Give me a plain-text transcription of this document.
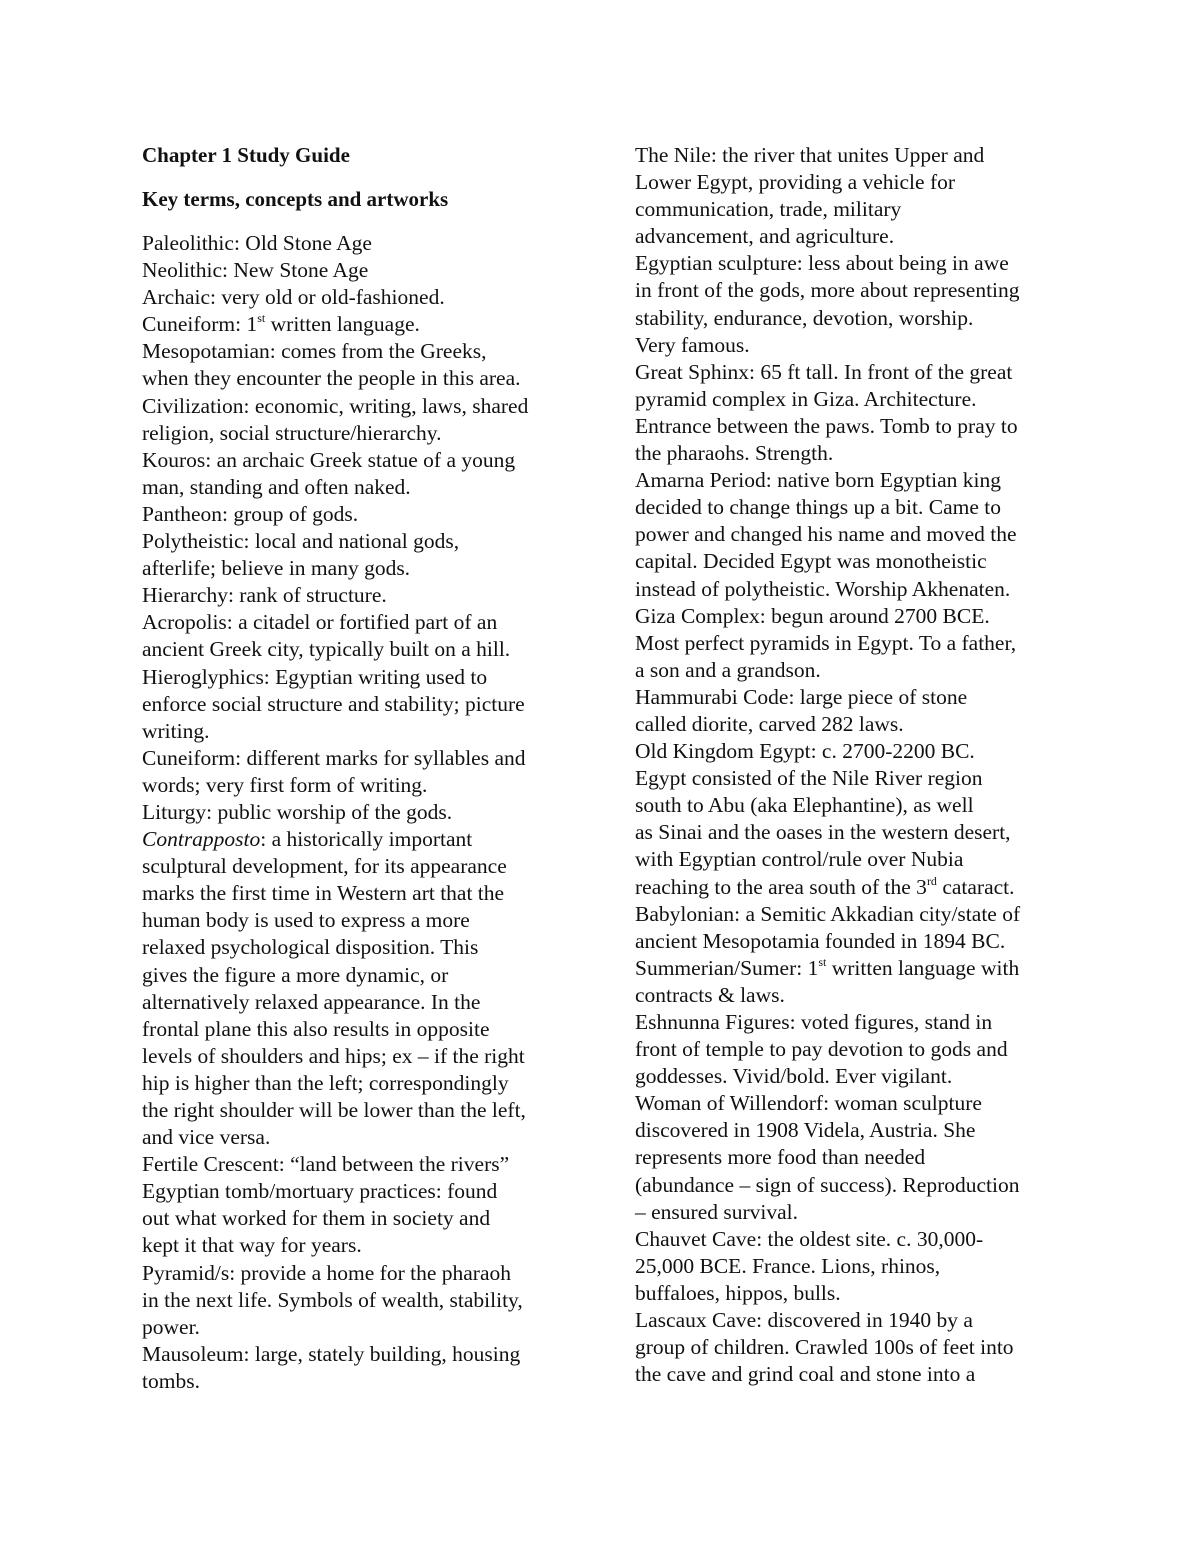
Chapter 1 Study Guide

Key terms, concepts and artworks

Paleolithic: Old Stone Age
Neolithic: New Stone Age
Archaic: very old or old-fashioned.
Cuneiform: 1st written language.
Mesopotamian: comes from the Greeks,
when they encounter the people in this area.
Civilization: economic, writing, laws, shared
religion, social structure/hierarchy.
Kouros: an archaic Greek statue of a young
man, standing and often naked.
Pantheon: group of gods.
Polytheistic: local and national gods,
afterlife; believe in many gods.
Hierarchy: rank of structure.
Acropolis: a citadel or fortified part of an
ancient Greek city, typically built on a hill.
Hieroglyphics: Egyptian writing used to
enforce social structure and stability; picture
writing.
Cuneiform: different marks for syllables and
words; very first form of writing.
Liturgy: public worship of the gods.
Contrapposto: a historically important
sculptural development, for its appearance
marks the first time in Western art that the
human body is used to express a more
relaxed psychological disposition. This
gives the figure a more dynamic, or
alternatively relaxed appearance. In the
frontal plane this also results in opposite
levels of shoulders and hips; ex – if the right
hip is higher than the left; correspondingly
the right shoulder will be lower than the left,
and vice versa.
Fertile Crescent: “land between the rivers”
Egyptian tomb/mortuary practices: found
out what worked for them in society and
kept it that way for years.
Pyramid/s: provide a home for the pharaoh
in the next life. Symbols of wealth, stability,
power.
Mausoleum: large, stately building, housing
tombs.
The Nile: the river that unites Upper and
Lower Egypt, providing a vehicle for
communication, trade, military
advancement, and agriculture.
Egyptian sculpture: less about being in awe
in front of the gods, more about representing
stability, endurance, devotion, worship.
Very famous.
Great Sphinx: 65 ft tall. In front of the great
pyramid complex in Giza. Architecture.
Entrance between the paws. Tomb to pray to
the pharaohs. Strength.
Amarna Period: native born Egyptian king
decided to change things up a bit. Came to
power and changed his name and moved the
capital. Decided Egypt was monotheistic
instead of polytheistic. Worship Akhenaten.
Giza Complex: begun around 2700 BCE.
Most perfect pyramids in Egypt. To a father,
a son and a grandson.
Hammurabi Code: large piece of stone
called diorite, carved 282 laws.
Old Kingdom Egypt: c. 2700-2200 BC.
Egypt consisted of the Nile River region
south to Abu (aka Elephantine), as well
as Sinai and the oases in the western desert,
with Egyptian control/rule over Nubia
reaching to the area south of the 3rd cataract.
Babylonian: a Semitic Akkadian city/state of
ancient Mesopotamia founded in 1894 BC.
Summerian/Sumer: 1st written language with
contracts & laws.
Eshnunna Figures: voted figures, stand in
front of temple to pay devotion to gods and
goddesses. Vivid/bold. Ever vigilant.
Woman of Willendorf: woman sculpture
discovered in 1908 Videla, Austria. She
represents more food than needed
(abundance – sign of success). Reproduction
– ensured survival.
Chauvet Cave: the oldest site. c. 30,000-
25,000 BCE. France. Lions, rhinos,
buffaloes, hippos, bulls.
Lascaux Cave: discovered in 1940 by a
group of children. Crawled 100s of feet into
the cave and grind coal and stone into a
